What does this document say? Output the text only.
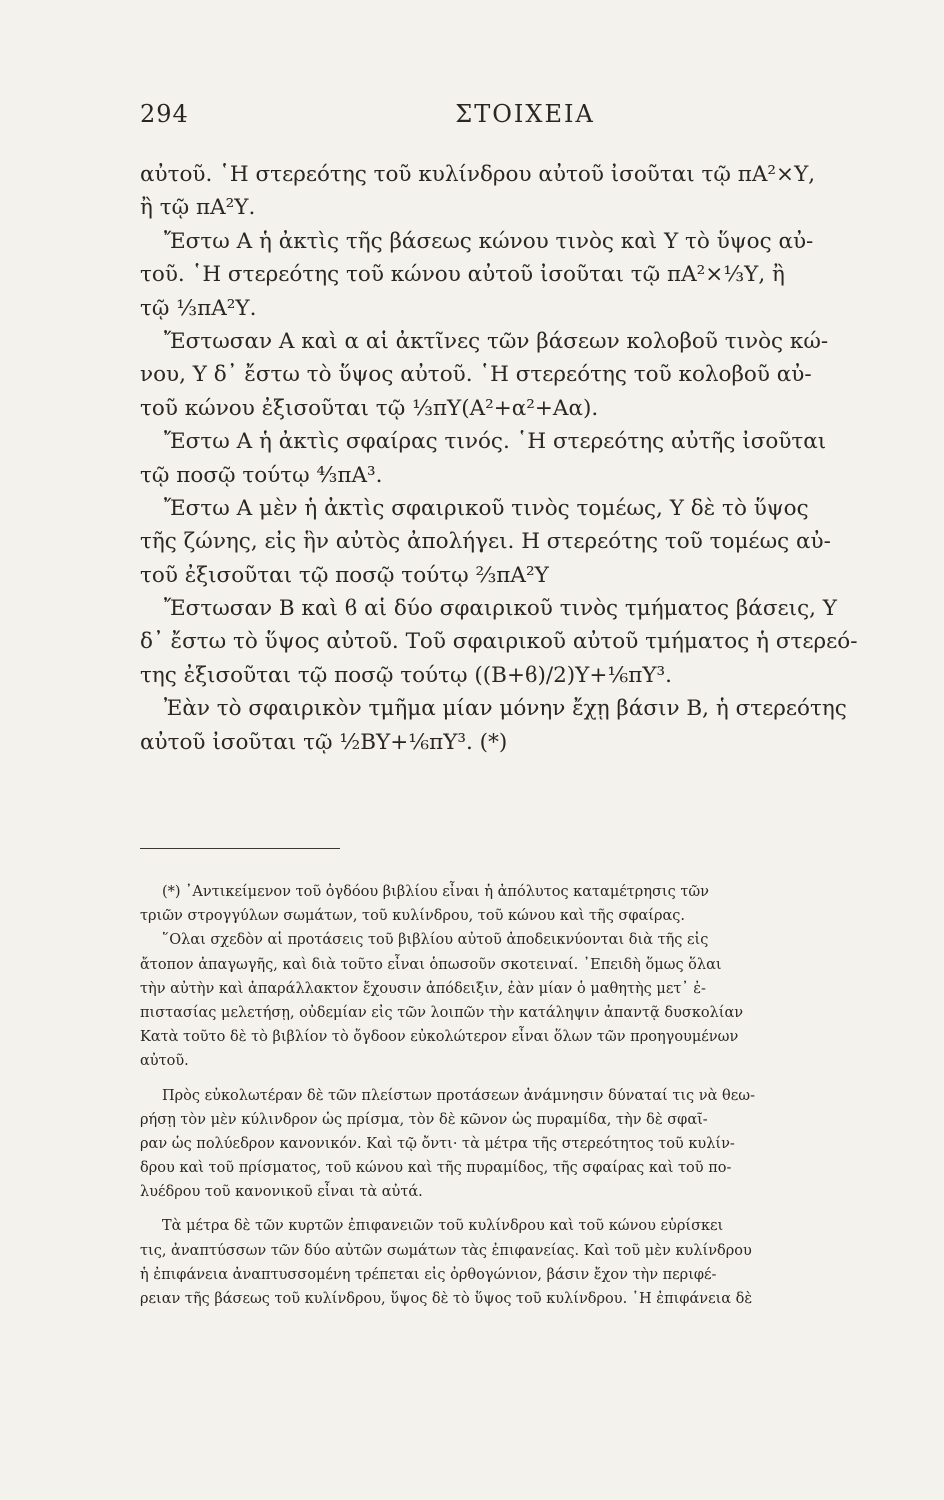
294	ΣΤΟΙΧΕΙΑ
αὐτοῦ. ῾Η στερεότης τοῦ κυλίνδρου αὐτοῦ ἰσοῦται τῷ πΑ²×Υ,
ἢ τῷ πΑ²Υ.
Ἔστω Α ἡ ἀκτὶς τῆς βάσεως κώνου τινὸς καὶ Υ τὸ ὕψος αὐ-
τοῦ. ῾Η στερεότης τοῦ κώνου αὐτοῦ ἰσοῦται τῷ πΑ²×⅓Υ, ἢ
τῷ ⅓πΑ²Υ.
Ἔστωσαν Α καὶ α αἱ ἀκτῖνες τῶν βάσεων κολοβοῦ τινὸς κώ-
νου, Υ δ᾽ ἔστω τὸ ὕψος αὐτοῦ. ῾Η στερεότης τοῦ κολοβοῦ αὐ-
τοῦ κώνου ἐξισοῦται τῷ ⅓πΥ(Α²+α²+Αα).
Ἔστω Α ἡ ἀκτὶς σφαίρας τινός. ῾Η στερεότης αὐτῆς ἰσοῦται
τῷ ποσῷ τούτῳ ⁴⁄₃πΑ³.
Ἔστω Α μὲν ἡ ἀκτὶς σφαιρικοῦ τινὸς τομέως, Υ δὲ τὸ ὕψος
τῆς ζώνης, εἰς ἣν αὐτὸς ἀπολήγει. Η στερεότης τοῦ τομέως αὐ-
τοῦ ἐξισοῦται τῷ ποσῷ τούτῳ ⅔πΑ²Υ
Ἔστωσαν Β καὶ ϐ αἱ δύο σφαιρικοῦ τινὸς τμήματος βάσεις, Υ
δ᾽ ἔστω τὸ ὕψος αὐτοῦ. Τοῦ σφαιρικοῦ αὐτοῦ τμήματος ἡ στερεό-
της ἐξισοῦται τῷ ποσῷ τούτῳ ((Β+ϐ)/2)Υ+⅙πΥ³.
Ἐὰν τὸ σφαιρικὸν τμῆμα μίαν μόνην ἔχῃ βάσιν Β, ἡ στερεότης
αὐτοῦ ἰσοῦται τῷ ½ΒΥ+⅙πΥ³. (*)
(*) ᾽Αντικείμενον τοῦ ὀγδόου βιβλίου εἶναι ἡ ἀπόλυτος καταμέτρησις τῶν
τριῶν στρογγύλων σωμάτων, τοῦ κυλίνδρου, τοῦ κώνου καὶ τῆς σφαίρας.
῞Ολαι σχεδὸν αἱ προτάσεις τοῦ βιβλίου αὐτοῦ ἀποδεικνύονται διὰ τῆς εἰς
ἄτοπον ἀπαγωγῆς, καὶ διὰ τοῦτο εἶναι ὁπωσοῦν σκοτειναί. ᾽Επειδὴ ὅμως ὅλαι
τὴν αὐτὴν καὶ ἀπαράλλακτον ἔχουσιν ἀπόδειξιν, ἐὰν μίαν ὁ μαθητὴς μετ᾽ ἐ-
πιστασίας μελετήσῃ, οὐδεμίαν εἰς τῶν λοιπῶν τὴν κατάληψιν ἀπαντᾷ δυσκολίαν
Κατὰ τοῦτο δὲ τὸ βιβλίον τὸ ὄγδοον εὐκολώτερον εἶναι ὅλων τῶν προηγουμένων
αὐτοῦ.
Πρὸς εὐκολωτέραν δὲ τῶν πλείστων προτάσεων ἀνάμνησιν δύναταί τις νὰ θεω-
ρήσῃ τὸν μὲν κύλινδρον ὡς πρίσμα, τὸν δὲ κῶνον ὡς πυραμίδα, τὴν δὲ σφαῖ-
ραν ὡς πολύεδρον κανονικόν. Καὶ τῷ ὄντι· τὰ μέτρα τῆς στερεότητος τοῦ κυλίν-
δρου καὶ τοῦ πρίσματος, τοῦ κώνου καὶ τῆς πυραμίδος, τῆς σφαίρας καὶ τοῦ πο-
λυέδρου τοῦ κανονικοῦ εἶναι τὰ αὐτά.
Τὰ μέτρα δὲ τῶν κυρτῶν ἐπιφανειῶν τοῦ κυλίνδρου καὶ τοῦ κώνου εὑρίσκει
τις, ἀναπτύσσων τῶν δύο αὐτῶν σωμάτων τὰς ἐπιφανείας. Καὶ τοῦ μὲν κυλίνδρου
ἡ ἐπιφάνεια ἀναπτυσσομένη τρέπεται εἰς ὀρθογώνιον, βάσιν ἔχον τὴν περιφέ-
ρειαν τῆς βάσεως τοῦ κυλίνδρου, ὕψος δὲ τὸ ὕψος τοῦ κυλίνδρου. ῾Η ἐπιφάνεια δὲ
